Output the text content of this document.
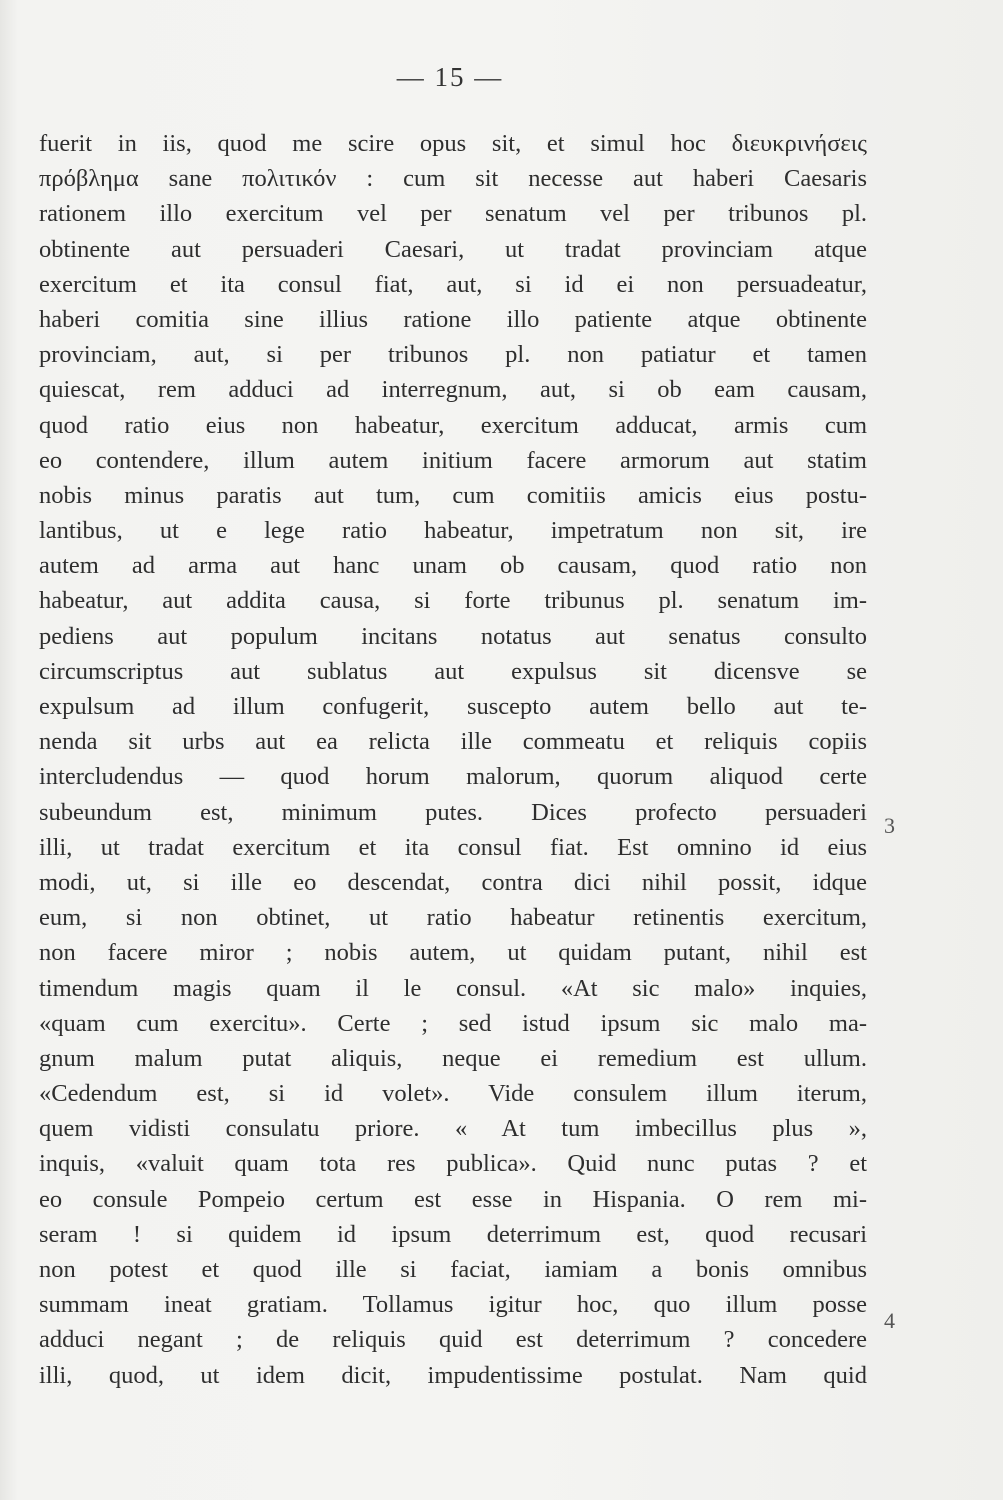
— 15 —
fuerit in iis, quod me scire opus sit, et simul hoc διευκρινήσεις
πρόβλημα sane πολιτικόν : cum sit necesse aut haberi Caesaris
rationem illo exercitum vel per senatum vel per tribunos pl.
obtinente aut persuaderi Caesari, ut tradat provinciam atque
exercitum et ita consul fiat, aut, si id ei non persuadeatur,
haberi comitia sine illius ratione illo patiente atque obtinente
provinciam, aut, si per tribunos pl. non patiatur et tamen
quiescat, rem adduci ad interregnum, aut, si ob eam causam,
quod ratio eius non habeatur, exercitum adducat, armis cum
eo contendere, illum autem initium facere armorum aut statim
nobis minus paratis aut tum, cum comitiis amicis eius postu-
lantibus, ut e lege ratio habeatur, impetratum non sit, ire
autem ad arma aut hanc unam ob causam, quod ratio non
habeatur, aut addita causa, si forte tribunus pl. senatum im-
pediens aut populum incitans notatus aut senatus consulto
circumscriptus aut sublatus aut expulsus sit dicensve se
expulsum ad illum confugerit, suscepto autem bello aut te-
nenda sit urbs aut ea relicta ille commeatu et reliquis copiis
intercludendus — quod horum malorum, quorum aliquod certe
subeundum est, minimum putes. Dices profecto persuaderi
illi, ut tradat exercitum et ita consul fiat. Est omnino id eius
modi, ut, si ille eo descendat, contra dici nihil possit, idque
eum, si non obtinet, ut ratio habeatur retinentis exercitum,
non facere miror ; nobis autem, ut quidam putant, nihil est
timendum magis quam il le consul. «At sic malo» inquies,
«quam cum exercitu». Certe ; sed istud ipsum sic malo ma-
gnum malum putat aliquis, neque ei remedium est ullum.
«Cedendum est, si id volet». Vide consulem illum iterum,
quem vidisti consulatu priore. « At tum imbecillus plus »,
inquis, «valuit quam tota res publica». Quid nunc putas ? et
eo consule Pompeio certum est esse in Hispania. O rem mi-
seram ! si quidem id ipsum deterrimum est, quod recusari
non potest et quod ille si faciat, iamiam a bonis omnibus
summam ineat gratiam. Tollamus igitur hoc, quo illum posse
adduci negant ; de reliquis quid est deterrimum ? concedere
illi, quod, ut idem dicit, impudentissime postulat. Nam quid
3
4
